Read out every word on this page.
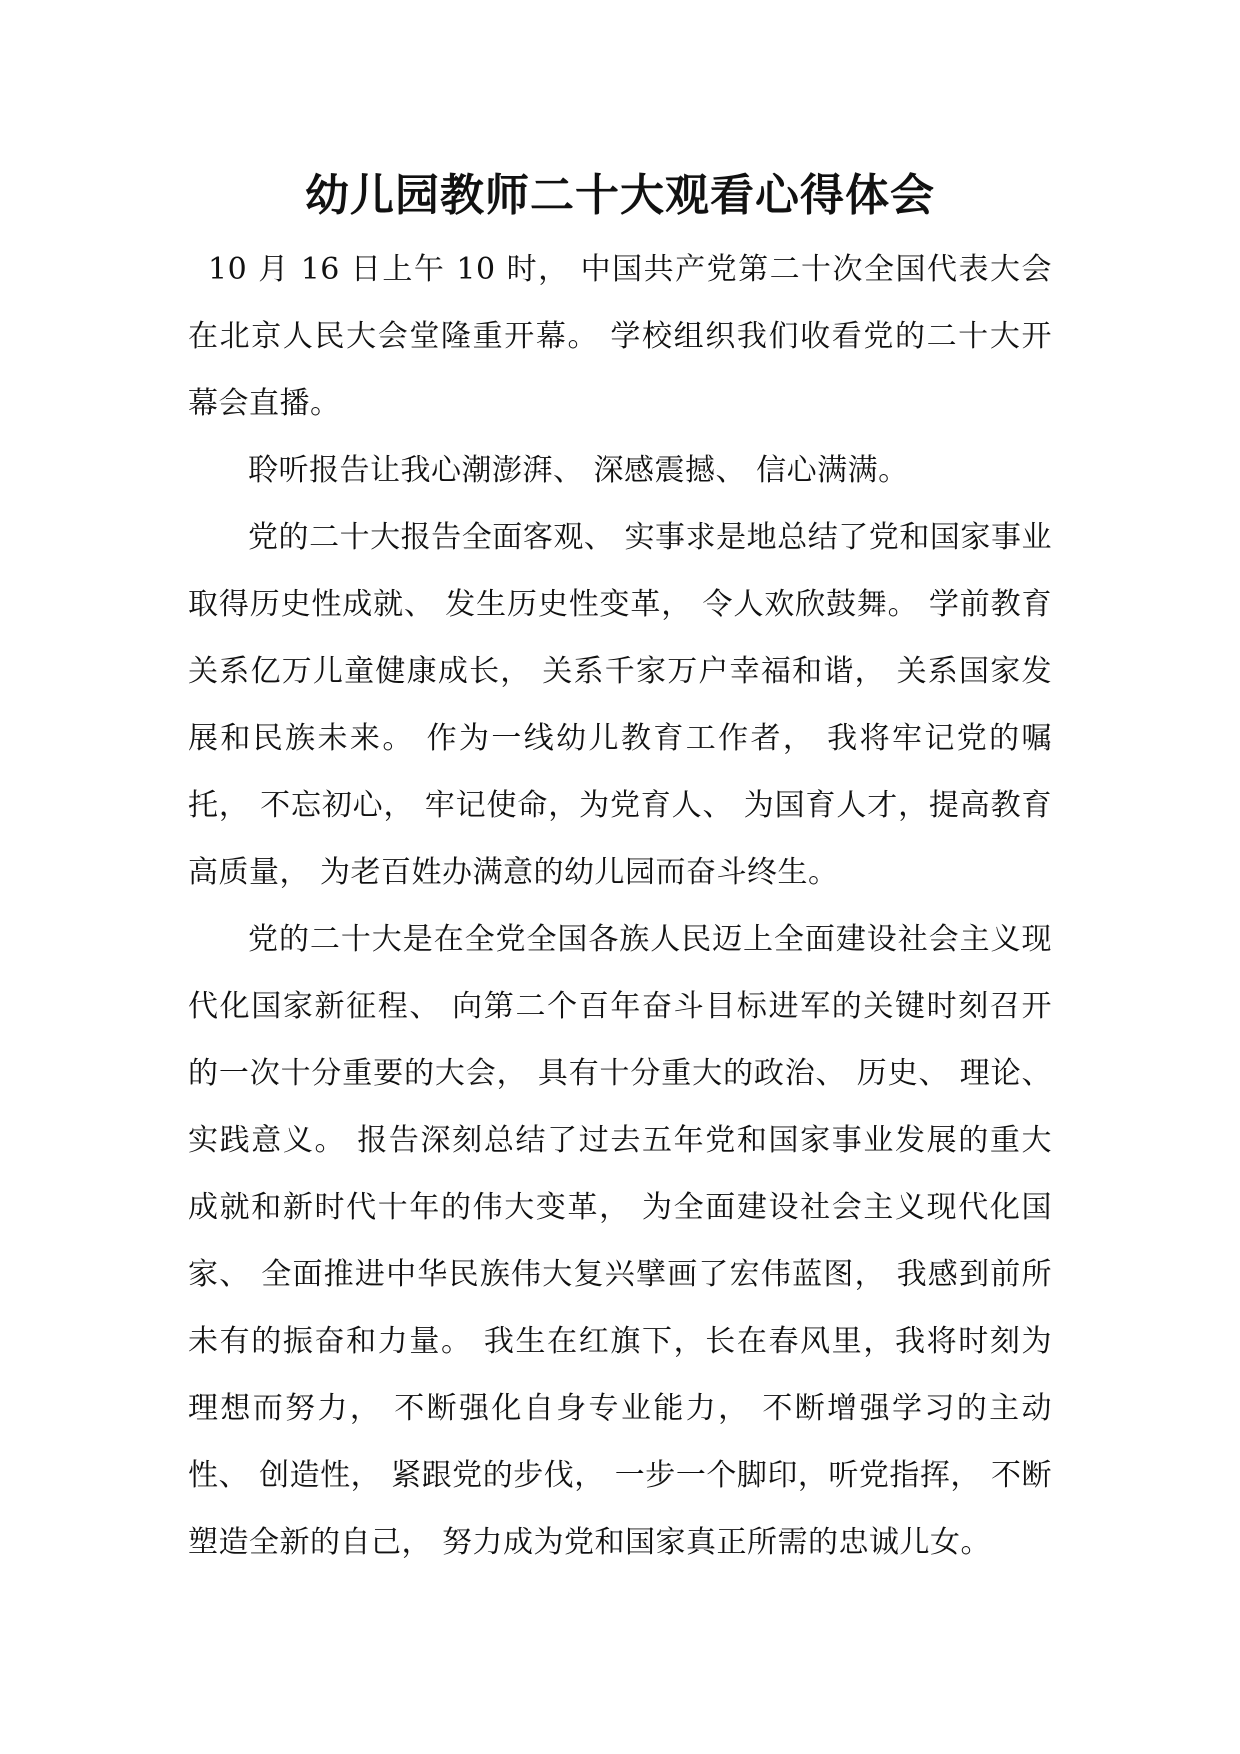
幼儿园教师二十大观看心得体会

10 月 16 日上午 10 时， 中国共产党第二十次全国代表大会在北京人民大会堂隆重开幕。 学校组织我们收看党的二十大开幕会直播。

聆听报告让我心潮澎湃、 深感震撼、 信心满满。

党的二十大报告全面客观、 实事求是地总结了党和国家事业取得历史性成就、 发生历史性变革， 令人欢欣鼓舞。 学前教育关系亿万儿童健康成长， 关系千家万户幸福和谐， 关系国家发展和民族未来。 作为一线幼儿教育工作者， 我将牢记党的嘱托， 不忘初心， 牢记使命，为党育人、 为国育人才，提高教育高质量， 为老百姓办满意的幼儿园而奋斗终生。

党的二十大是在全党全国各族人民迈上全面建设社会主义现代化国家新征程、 向第二个百年奋斗目标进军的关键时刻召开的一次十分重要的大会， 具有十分重大的政治、 历史、 理论、 实践意义。 报告深刻总结了过去五年党和国家事业发展的重大成就和新时代十年的伟大变革， 为全面建设社会主义现代化国家、 全面推进中华民族伟大复兴擘画了宏伟蓝图， 我感到前所未有的振奋和力量。 我生在红旗下，长在春风里，我将时刻为理想而努力， 不断强化自身专业能力， 不断增强学习的主动性、 创造性， 紧跟党的步伐， 一步一个脚印，听党指挥， 不断塑造全新的自己， 努力成为党和国家真正所需的忠诚儿女。
